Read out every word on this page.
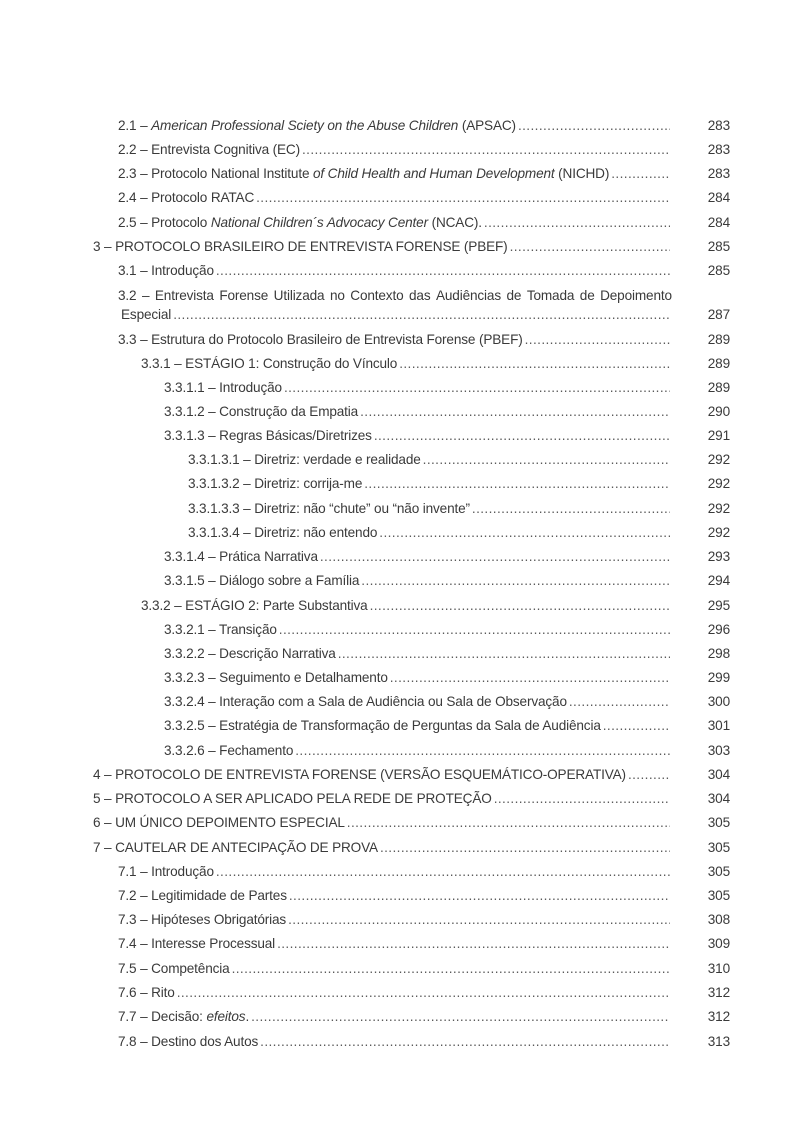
2.1 – American Professional Sciety on the Abuse Children (APSAC) .....	283
2.2 – Entrevista Cognitiva (EC) .....	283
2.3 – Protocolo National Institute of Child Health and Human Development (NICHD) .....	283
2.4 – Protocolo RATAC .....	284
2.5 – Protocolo National Children´s Advocacy Center (NCAC). .....	284
3 – PROTOCOLO BRASILEIRO DE ENTREVISTA FORENSE (PBEF) .....	285
3.1 – Introdução .....	285
3.2 – Entrevista Forense Utilizada no Contexto das Audiências de Tomada de Depoimento
Especial .....	287
3.3 – Estrutura do Protocolo Brasileiro de Entrevista Forense (PBEF) .....	289
3.3.1 – ESTÁGIO 1: Construção do Vínculo .....	289
3.3.1.1 – Introdução .....	289
3.3.1.2 – Construção da Empatia .....	290
3.3.1.3 – Regras Básicas/Diretrizes .....	291
3.3.1.3.1 – Diretriz: verdade e realidade .....	292
3.3.1.3.2 – Diretriz: corrija-me .....	292
3.3.1.3.3 – Diretriz: não “chute” ou “não invente” .....	292
3.3.1.3.4 – Diretriz: não entendo .....	292
3.3.1.4 – Prática Narrativa .....	293
3.3.1.5 – Diálogo sobre a Família .....	294
3.3.2 – ESTÁGIO 2: Parte Substantiva .....	295
3.3.2.1 – Transição .....	296
3.3.2.2 – Descrição Narrativa .....	298
3.3.2.3 – Seguimento e Detalhamento .....	299
3.3.2.4 – Interação com a Sala de Audiência ou Sala de Observação .....	300
3.3.2.5 – Estratégia de Transformação de Perguntas da Sala de Audiência .....	301
3.3.2.6 – Fechamento .....	303
4 – PROTOCOLO DE ENTREVISTA FORENSE (VERSÃO ESQUEMÁTICO-OPERATIVA) .....	304
5 – PROTOCOLO A SER APLICADO PELA REDE DE PROTEÇÃO .....	304
6 – UM ÚNICO DEPOIMENTO ESPECIAL .....	305
7 – CAUTELAR DE ANTECIPAÇÃO DE PROVA .....	305
7.1 – Introdução .....	305
7.2 – Legitimidade de Partes .....	305
7.3 – Hipóteses Obrigatórias .....	308
7.4 – Interesse Processual .....	309
7.5 – Competência .....	310
7.6 – Rito .....	312
7.7 – Decisão: efeitos. .....	312
7.8 – Destino dos Autos .....	313
